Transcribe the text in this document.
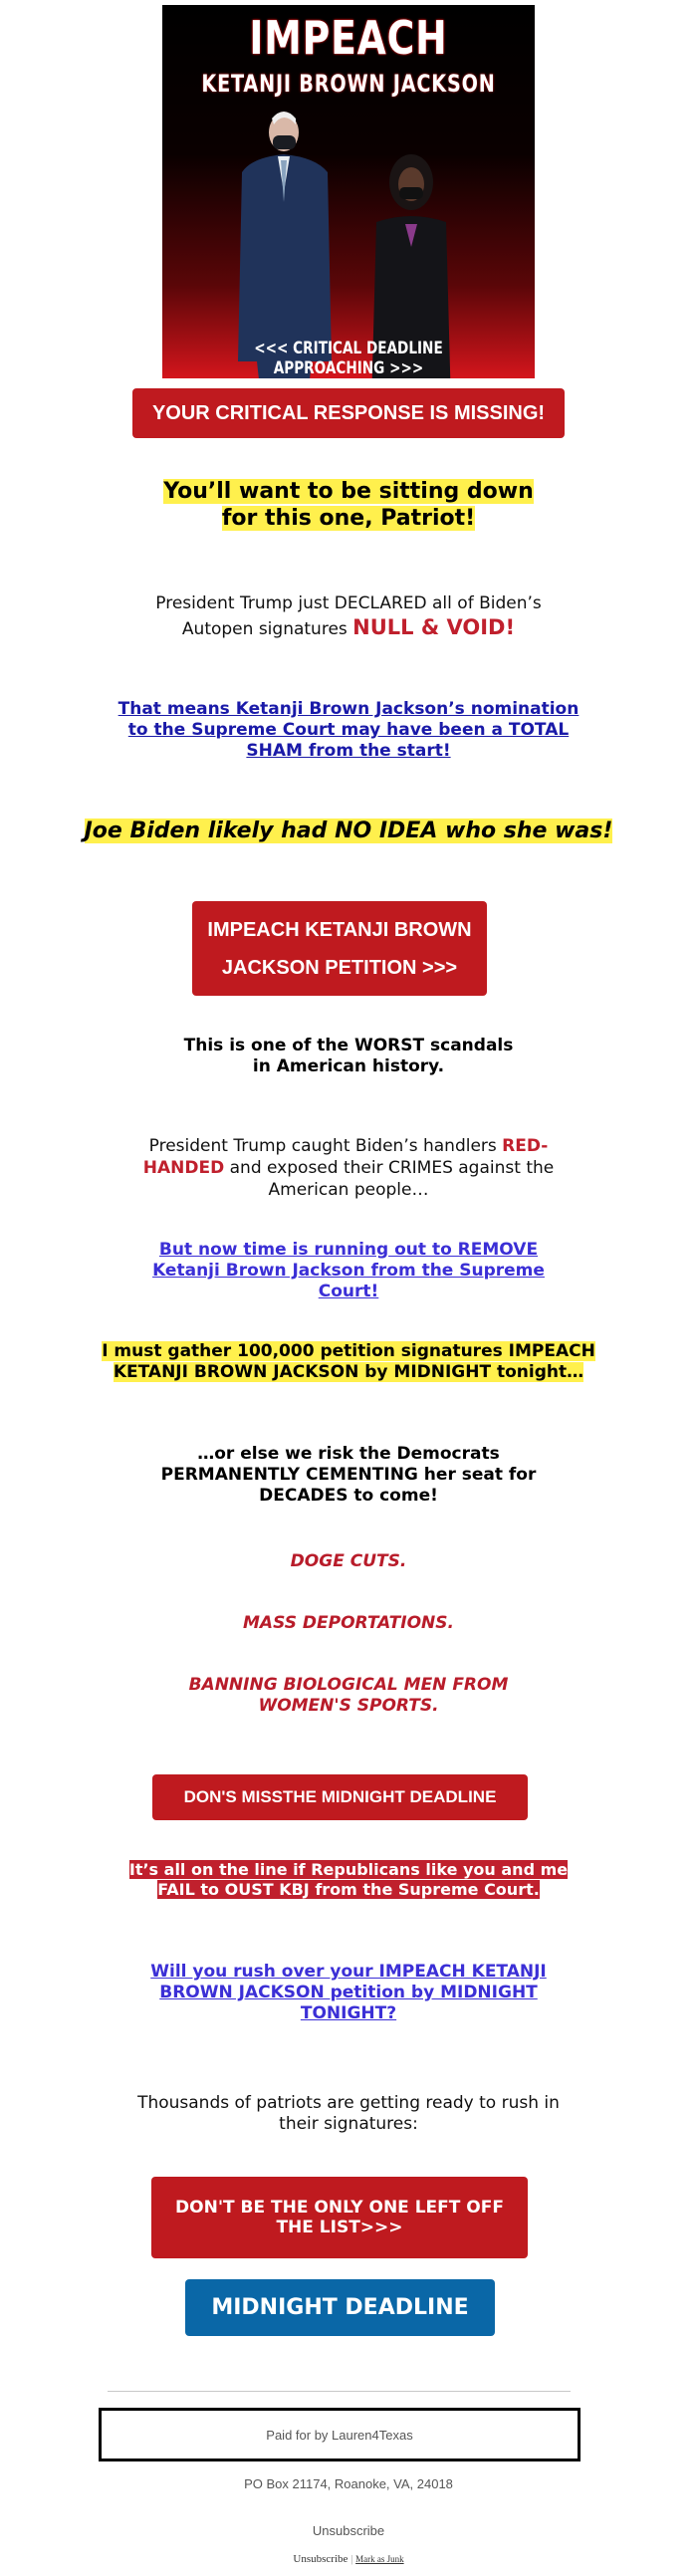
IMPEACH
KETANJI BROWN JACKSON
<<< CRITICAL DEADLINE APPROACHING >>>
YOUR CRITICAL RESPONSE IS MISSING!
You’ll want to be sitting down
for this one, Patriot!
President Trump just DECLARED all of Biden’s Autopen signatures NULL & VOID!
That means Ketanji Brown Jackson’s nomination to the Supreme Court may have been a TOTAL SHAM from the start!
Joe Biden likely had NO IDEA who she was!
IMPEACH KETANJI BROWN
JACKSON PETITION >>>
This is one of the WORST scandals in American history.
President Trump caught Biden’s handlers RED-HANDED and exposed their CRIMES against the American people…
But now time is running out to REMOVE Ketanji Brown Jackson from the Supreme Court!
I must gather 100,000 petition signatures IMPEACH
KETANJI BROWN JACKSON by MIDNIGHT tonight…
…or else we risk the Democrats PERMANENTLY CEMENTING her seat for DECADES to come!
DOGE CUTS.
MASS DEPORTATIONS.
BANNING BIOLOGICAL MEN FROM WOMEN'S SPORTS.
DON'S MISSTHE MIDNIGHT DEADLINE
It’s all on the line if Republicans like you and me
FAIL to OUST KBJ from the Supreme Court.
Will you rush over your IMPEACH KETANJI BROWN JACKSON petition by MIDNIGHT TONIGHT?
Thousands of patriots are getting ready to rush in their signatures:
DON'T BE THE ONLY ONE LEFT OFF
THE LIST>>>
MIDNIGHT DEADLINE
Paid for by Lauren4Texas
PO Box 21174, Roanoke, VA, 24018
Unsubscribe
Unsubscribe | Mark as Junk
